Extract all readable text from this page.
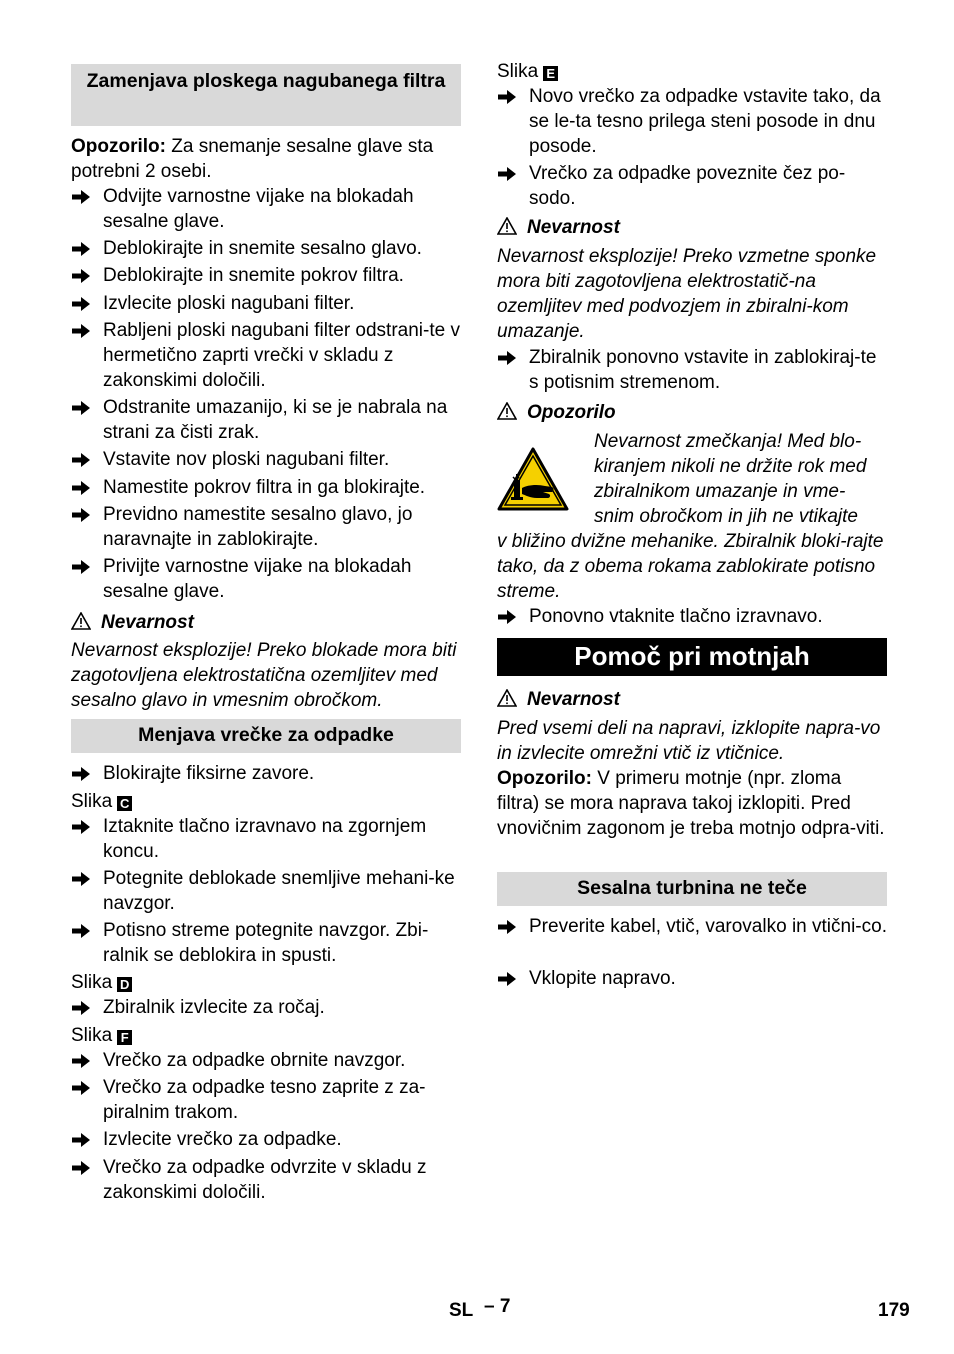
Zamenjava ploskega nagubanega filtra
Opozorilo: Za snemanje sesalne glave sta potrebni 2 osebi.
Odvijte varnostne vijake na blokadah sesalne glave.
Deblokirajte in snemite sesalno glavo.
Deblokirajte in snemite pokrov filtra.
Izvlecite ploski nagubani filter.
Rabljeni ploski nagubani filter odstrani-te v hermetično zaprti vrečki v skladu z zakonskimi določili.
Odstranite umazanijo, ki se je nabrala na strani za čisti zrak.
Vstavite nov ploski nagubani filter.
Namestite pokrov filtra in ga blokirajte.
Previdno namestite sesalno glavo, jo naravnajte in zablokirajte.
Privijte varnostne vijake na blokadah sesalne glave.
Nevarnost
Nevarnost eksplozije! Preko blokade mora biti zagotovljena elektrostatična ozemljitev med sesalno glavo in vmesnim obročkom.
Menjava vrečke za odpadke
Blokirajte fiksirne zavore.
Slika C
Iztaknite tlačno izravnavo na zgornjem koncu.
Potegnite deblokade snemljive mehani-ke navzgor.
Potisno streme potegnite navzgor. Zbi-ralnik se deblokira in spusti.
Slika D
Zbiralnik izvlecite za ročaj.
Slika F
Vrečko za odpadke obrnite navzgor.
Vrečko za odpadke tesno zaprite z za-piralnim trakom.
Izvlecite vrečko za odpadke.
Vrečko za odpadke odvrzite v skladu z zakonskimi določili.
Slika E
Novo vrečko za odpadke vstavite tako, da se le-ta tesno prilega steni posode in dnu posode.
Vrečko za odpadke poveznite čez po-sodo.
Nevarnost
Nevarnost eksplozije! Preko vzmetne sponke mora biti zagotovljena elektrostatič-na ozemljitev med podvozjem in zbiralni-kom umazanje.
Zbiralnik ponovno vstavite in zablokiraj-te s potisnim stremenom.
Opozorilo
Nevarnost zmečkanja! Med blo-
kiranjem nikoli ne držite rok med
zbiralnikom umazanje in vme-
snim obročkom in jih ne vtikajte
v bližino dvižne mehanike. Zbiralnik bloki-rajte tako, da z obema rokama zablokirate potisno streme.
Ponovno vtaknite tlačno izravnavo.
Pomoč pri motnjah
Nevarnost
Pred vsemi deli na napravi, izklopite napra-vo in izvlecite omrežni vtič iz vtičnice.
Opozorilo: V primeru motnje (npr. zloma filtra) se mora naprava takoj izklopiti. Pred vnovičnim zagonom je treba motnjo odpra-viti.
Sesalna turbnina ne teče
Preverite kabel, vtič, varovalko in vtični-co.
Vklopite napravo.
SL – 7	179
